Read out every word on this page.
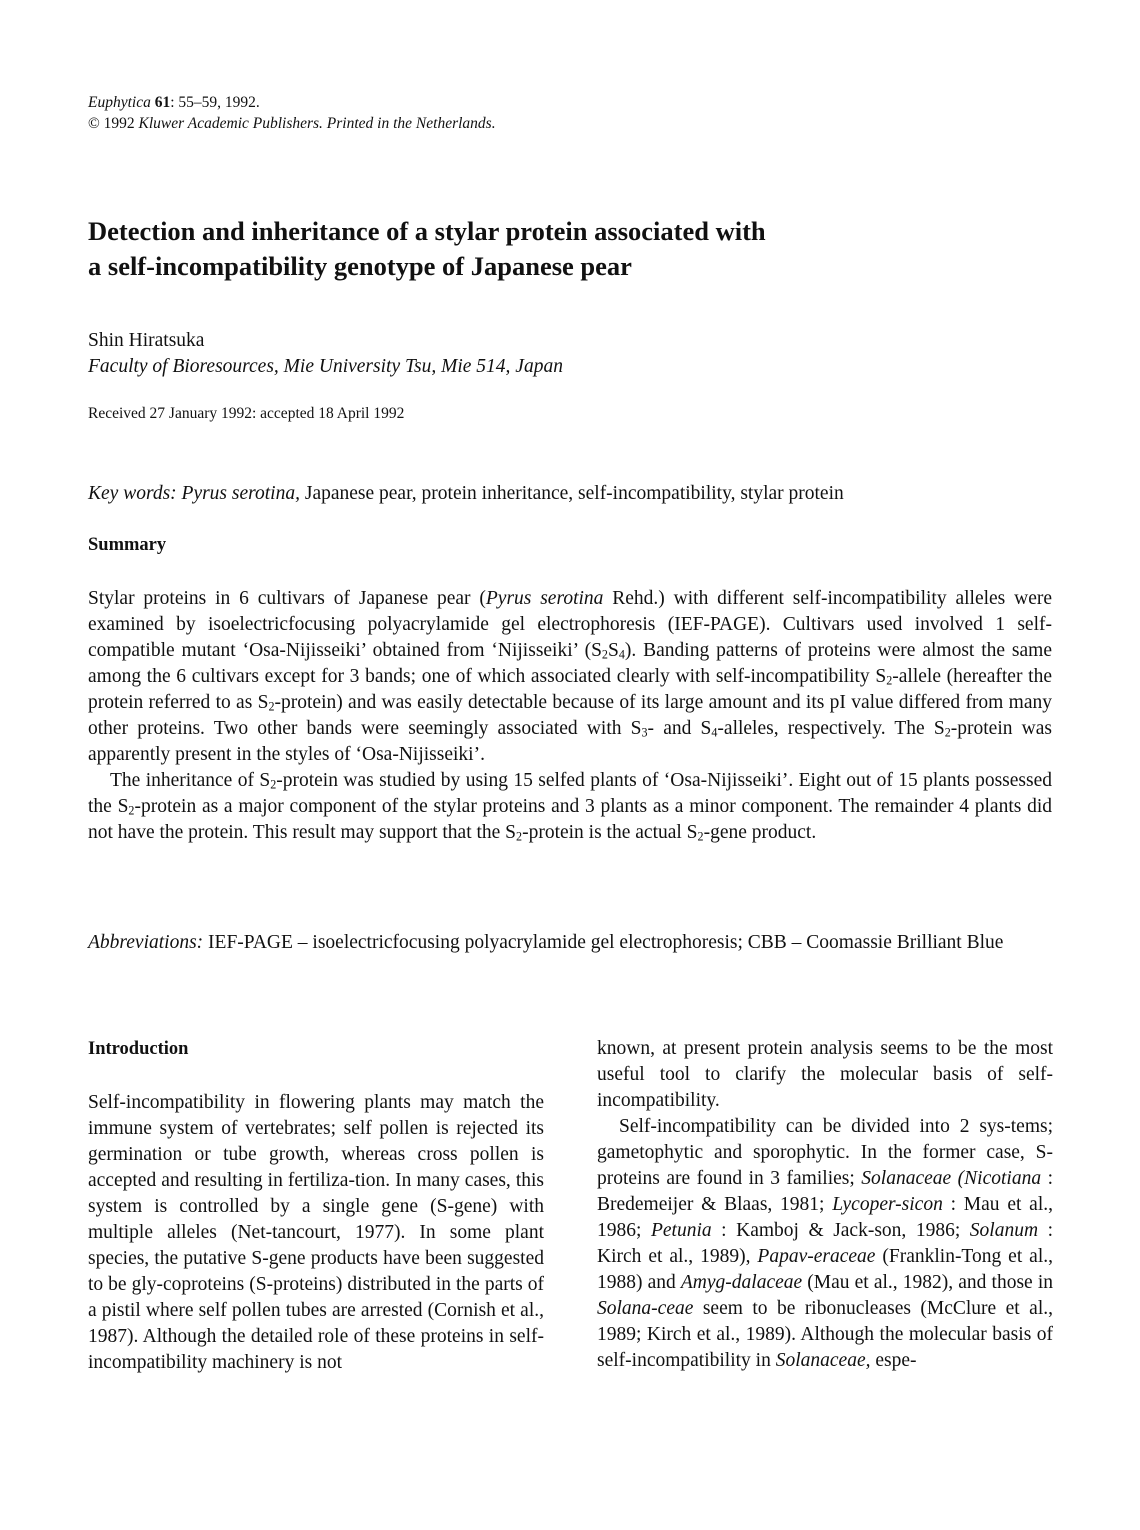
Euphytica 61: 55–59, 1992.
© 1992 Kluwer Academic Publishers. Printed in the Netherlands.
Detection and inheritance of a stylar protein associated with
a self-incompatibility genotype of Japanese pear
Shin Hiratsuka
Faculty of Bioresources, Mie University Tsu, Mie 514, Japan
Received 27 January 1992: accepted 18 April 1992
Key words: Pyrus serotina, Japanese pear, protein inheritance, self-incompatibility, stylar protein
Summary

Stylar proteins in 6 cultivars of Japanese pear (Pyrus serotina Rehd.) with different self-incompatibility alleles were examined by isoelectricfocusing polyacrylamide gel electrophoresis (IEF-PAGE). Cultivars used involved 1 self-compatible mutant ‘Osa-Nijisseiki’ obtained from ‘Nijisseiki’ $(S_2S_4)$. Banding patterns of proteins were almost the same among the 6 cultivars except for 3 bands; one of which associated clearly with self-incompatibility $S_2$-allele (hereafter the protein referred to as $S_2-protein$) and was easily detectable because of its large amount and its pI value differed from many other proteins. Two other bands were seemingly associated with $S_3-$ and $S_4$-alleles, respectively. The $S_2$-protein was apparently present in the styles of ‘Osa-Nijisseiki’.

The inheritance of $S_2$-protein was studied by using 15 selfed plants of ‘Osa-Nijisseiki’. Eight out of 15 plants possessed the $S_2$-protein as a major component of the stylar proteins and 3 plants as a minor component. The remainder 4 plants did not have the protein. This result may support that the $S_2$-protein is the actual $S_2$-gene product.

Abbreviations: IEF-PAGE – isoelectricfocusing polyacrylamide gel electrophoresis; CBB – Coomassie Brilliant Blue

Introduction

Self-incompatibility in flowering plants may match the immune system of vertebrates; self pollen is rejected its germination or tube growth, whereas cross pollen is accepted and resulting in fertiliza-tion. In many cases, this system is controlled by a single gene (S-gene) with multiple alleles (Net-tancourt, 1977). In some plant species, the putative S-gene products have been suggested to be gly-coproteins (S-proteins) distributed in the parts of a pistil where self pollen tubes are arrested (Cornish et al., 1987). Although the detailed role of these proteins in self-incompatibility machinery is not

known, at present protein analysis seems to be the most useful tool to clarify the molecular basis of self-incompatibility.

Self-incompatibility can be divided into 2 sys-tems; gametophytic and sporophytic. In the former case, S-proteins are found in 3 families; Solanaceae (Nicotiana : Bredemeijer & Blaas, 1981; Lycoper-sicon : Mau et al., 1986; Petunia : Kamboj & Jack-son, 1986; Solanum : Kirch et al., 1989), Papav-eraceae (Franklin-Tong et al., 1988) and Amyg-dalaceae (Mau et al., 1982), and those in Solana-ceae seem to be ribonucleases (McClure et al., 1989; Kirch et al., 1989). Although the molecular basis of self-incompatibility in Solanaceae, espe-
